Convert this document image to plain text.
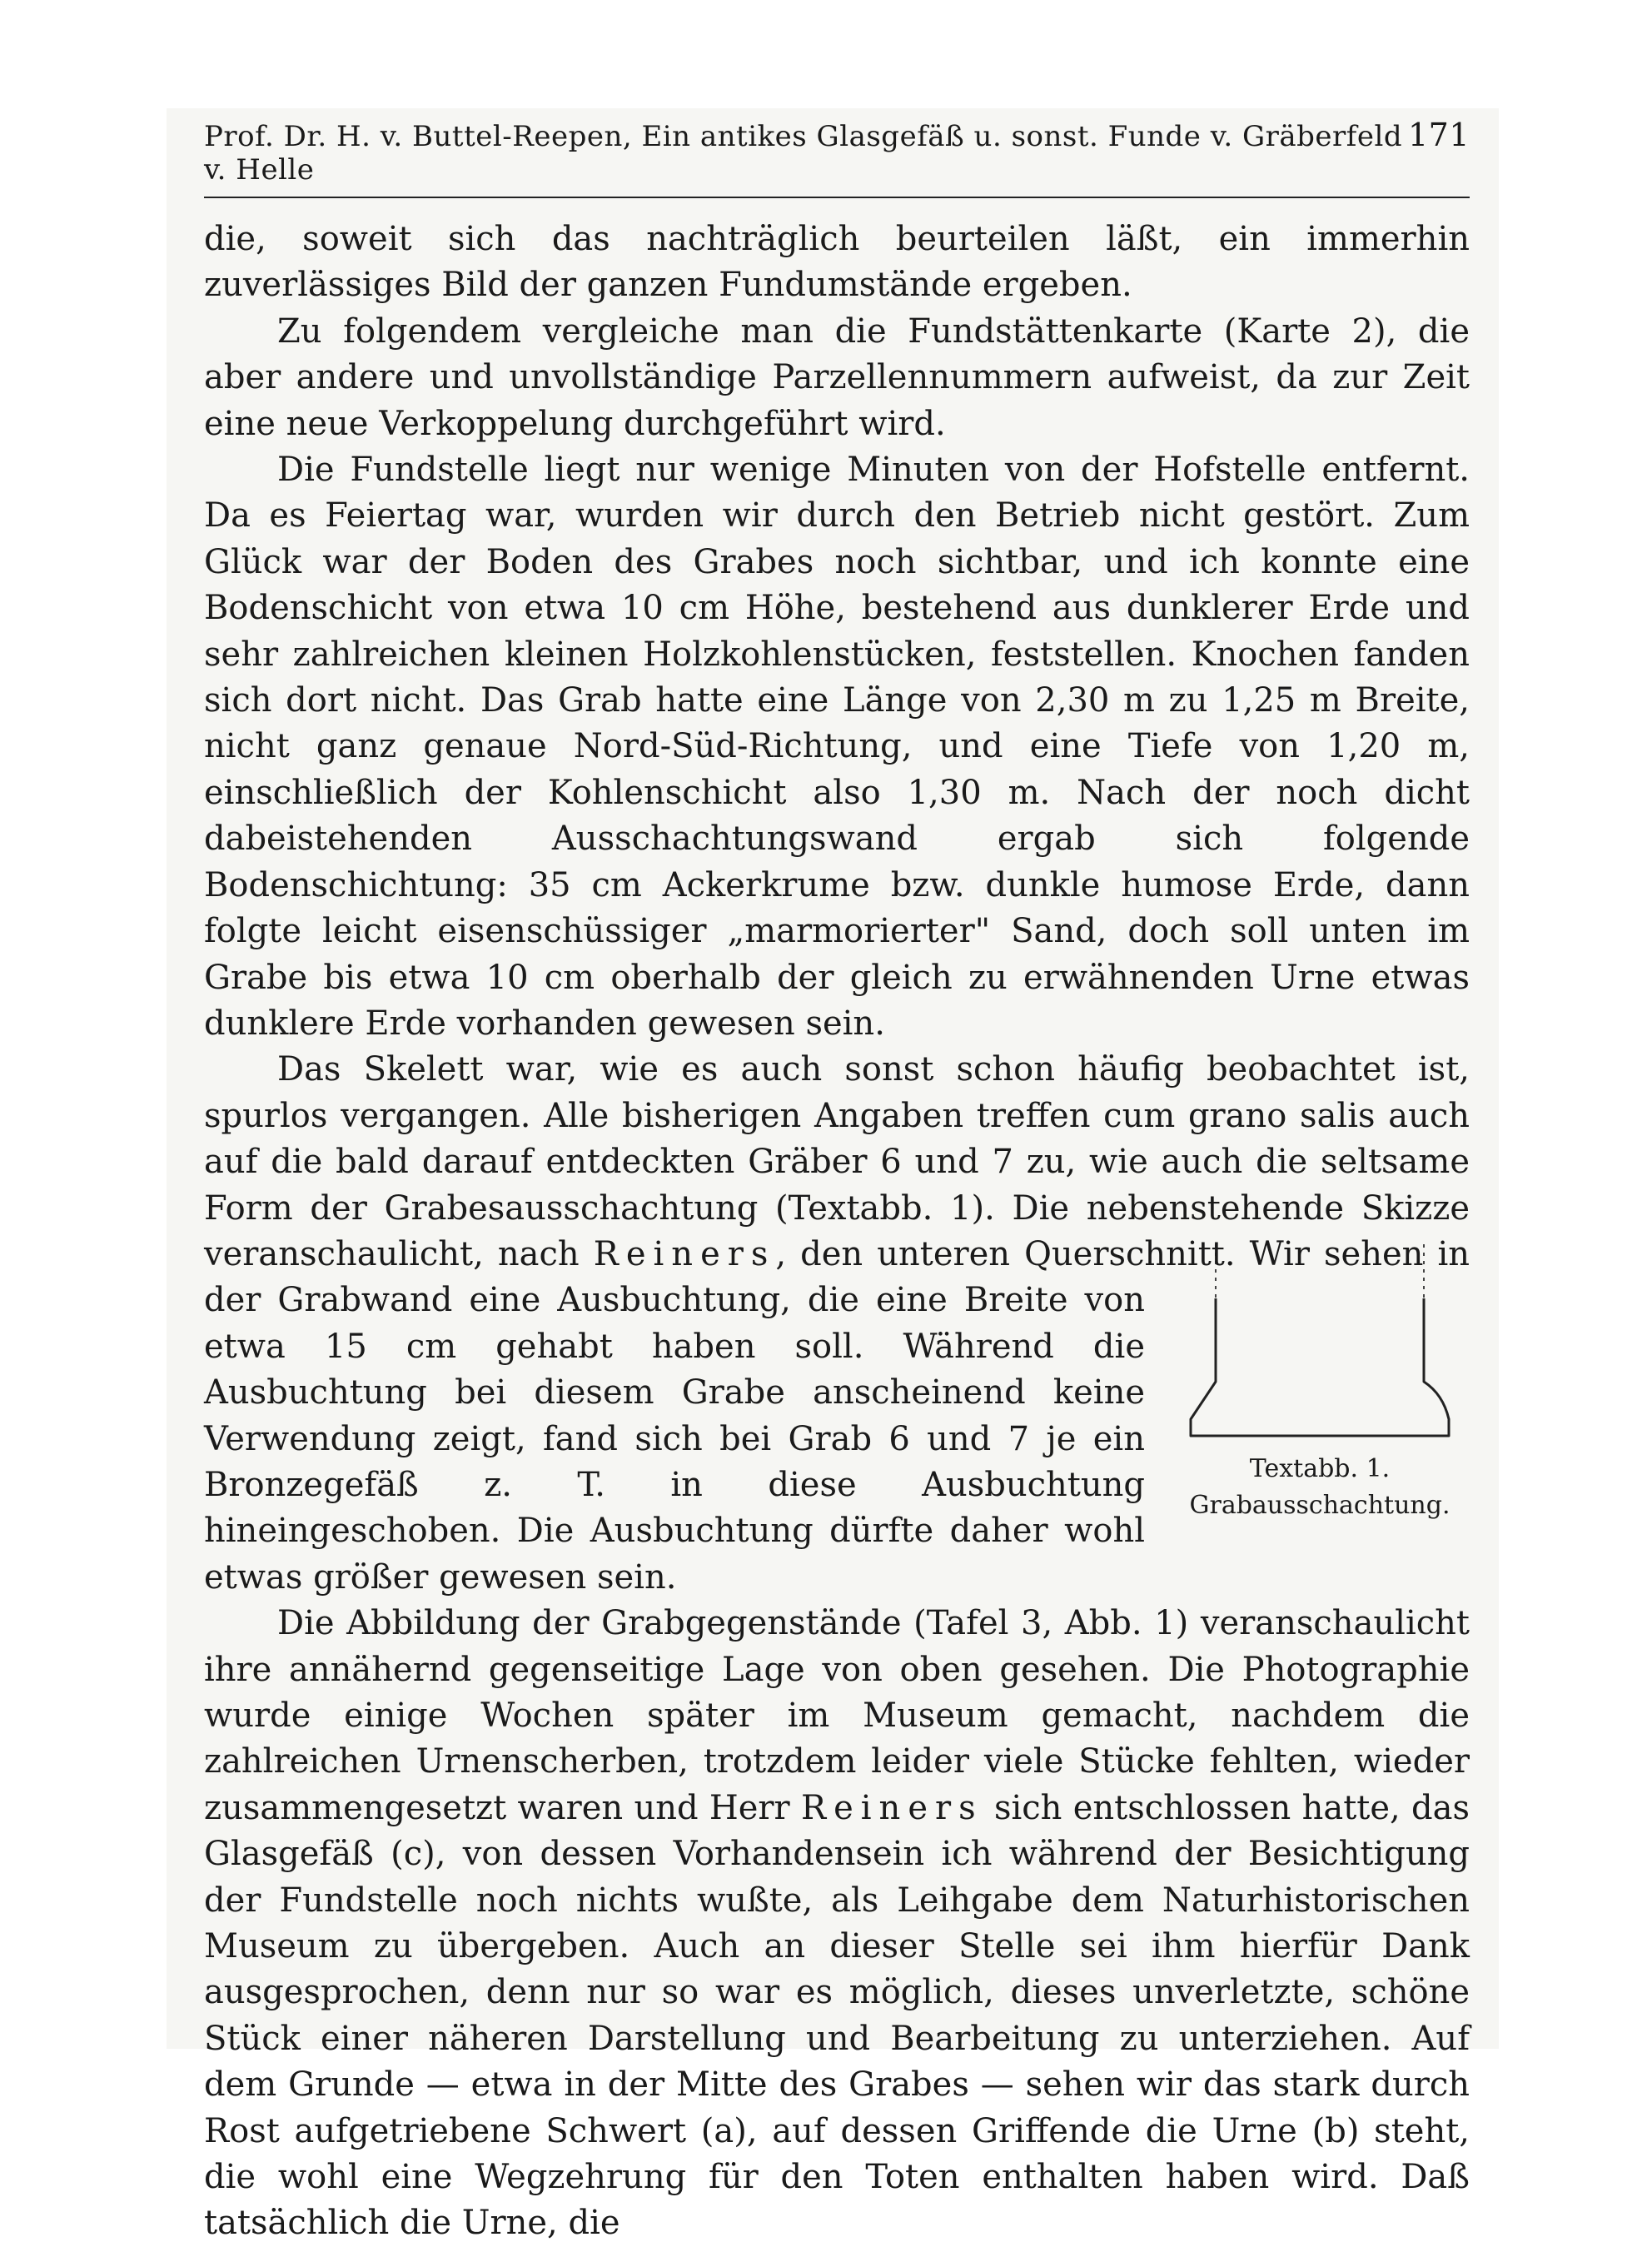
Prof. Dr. H. v. Buttel-Reepen, Ein antikes Glasgefäß u. sonst. Funde v. Gräberfeld v. Helle
171

die, soweit sich das nachträglich beurteilen läßt, ein immerhin zuverlässiges Bild der ganzen Fundumstände ergeben.

Zu folgendem vergleiche man die Fundstättenkarte (Karte 2), die aber andere und unvollständige Parzellennummern aufweist, da zur Zeit eine neue Verkoppelung durchgeführt wird.

Die Fundstelle liegt nur wenige Minuten von der Hofstelle entfernt. Da es Feiertag war, wurden wir durch den Betrieb nicht gestört. Zum Glück war der Boden des Grabes noch sichtbar, und ich konnte eine Bodenschicht von etwa 10 cm Höhe, bestehend aus dunklerer Erde und sehr zahlreichen kleinen Holzkohlenstücken, feststellen. Knochen fanden sich dort nicht. Das Grab hatte eine Länge von 2,30 m zu 1,25 m Breite, nicht ganz genaue Nord-Süd-Richtung, und eine Tiefe von 1,20 m, einschließlich der Kohlenschicht also 1,30 m. Nach der noch dicht dabeistehenden Ausschachtungswand ergab sich folgende Bodenschichtung: 35 cm Ackerkrume bzw. dunkle humose Erde, dann folgte leicht eisenschüssiger „marmorierter" Sand, doch soll unten im Grabe bis etwa 10 cm oberhalb der gleich zu erwähnenden Urne etwas dunklere Erde vorhanden gewesen sein.

Das Skelett war, wie es auch sonst schon häufig beobachtet ist, spurlos vergangen. Alle bisherigen Angaben treffen cum grano salis auch auf die bald darauf entdeckten Gräber 6 und 7 zu, wie auch die seltsame Form der Grabesausschachtung (Textabb. 1). Die nebenstehende Skizze veranschaulicht, nach
Textabb. 1.
Grabausschachtung.
Reiners, den unteren Querschnitt. Wir sehen in der Grabwand eine Ausbuchtung, die eine Breite von etwa 15 cm gehabt haben soll. Während die Ausbuchtung bei diesem Grabe anscheinend keine Verwendung zeigt, fand sich bei Grab 6 und 7 je ein Bronzegefäß z. T. in diese Ausbuchtung hineingeschoben. Die Ausbuchtung dürfte daher wohl etwas größer gewesen sein.

Die Abbildung der Grabgegenstände (Tafel 3, Abb. 1) veranschaulicht ihre annähernd gegenseitige Lage von oben gesehen. Die Photographie wurde einige Wochen später im Museum gemacht, nachdem die zahlreichen Urnenscherben, trotzdem leider viele Stücke fehlten, wieder zusammengesetzt waren und Herr Reiners sich entschlossen hatte, das Glasgefäß (c), von dessen Vorhandensein ich während der Besichtigung der Fundstelle noch nichts wußte, als Leihgabe dem Naturhistorischen Museum zu übergeben. Auch an dieser Stelle sei ihm hierfür Dank ausgesprochen, denn nur so war es möglich, dieses unverletzte, schöne Stück einer näheren Darstellung und Bearbeitung zu unterziehen. Auf dem Grunde — etwa in der Mitte des Grabes — sehen wir das stark durch Rost aufgetriebene Schwert (a), auf dessen Griffende die Urne (b) steht, die wohl eine Wegzehrung für den Toten enthalten haben wird. Daß tatsächlich die Urne, die
